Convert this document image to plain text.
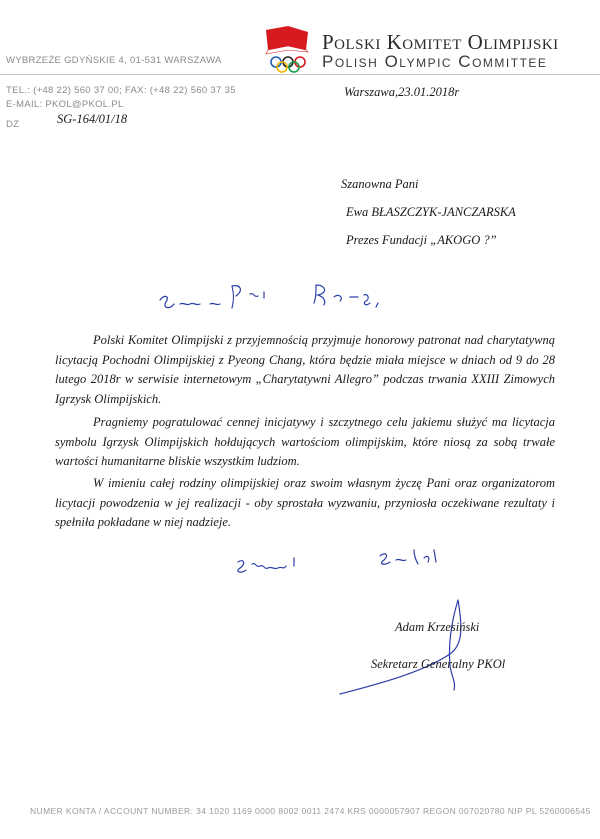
WYBRZEŻE GDYŃSKIE 4, 01-531 WARSZAWA
TEL.: (+48 22) 560 37 00; FAX: (+48 22) 560 37 35
E-MAIL: PKOL@PKOL.PL
DZ
Polski Komitet Olimpijski
Polish Olympic Committee
Warszawa,23.01.2018r
SG-164/01/18
Szanowna Pani
Ewa BŁASZCZYK-JANCZARSKA
Prezes Fundacji „AKOGO ?”
Polski Komitet Olimpijski z przyjemnością przyjmuje honorowy patronat nad charytatywną licytacją Pochodni Olimpijskiej z Pyeong Chang, która będzie miała miejsce w dniach od 9 do 28 lutego 2018r w serwisie internetowym „Charytatywni Allegro” podczas trwania XXIII Zimowych Igrzysk Olimpijskich.
Pragniemy pogratulować cennej inicjatywy i szczytnego celu jakiemu służyć ma licytacja symbolu Igrzysk Olimpijskich hołdujących wartościom olimpijskim, które niosą za sobą trwałe wartości humanitarne bliskie wszystkim ludziom.
W imieniu całej rodziny olimpijskiej oraz swoim własnym życzę Pani oraz organizatorom licytacji powodzenia w jej realizacji - oby sprostała wyzwaniu, przyniosła oczekiwane rezultaty i spełniła pokładane w niej nadzieje.
Adam Krzesiński
Sekretarz Generalny PKOl
NUMER KONTA / ACCOUNT NUMBER: 34 1020 1169 0000 8002 0011 2474 KRS 0000057907 REGON 007020780 NIP PL 5260006545
